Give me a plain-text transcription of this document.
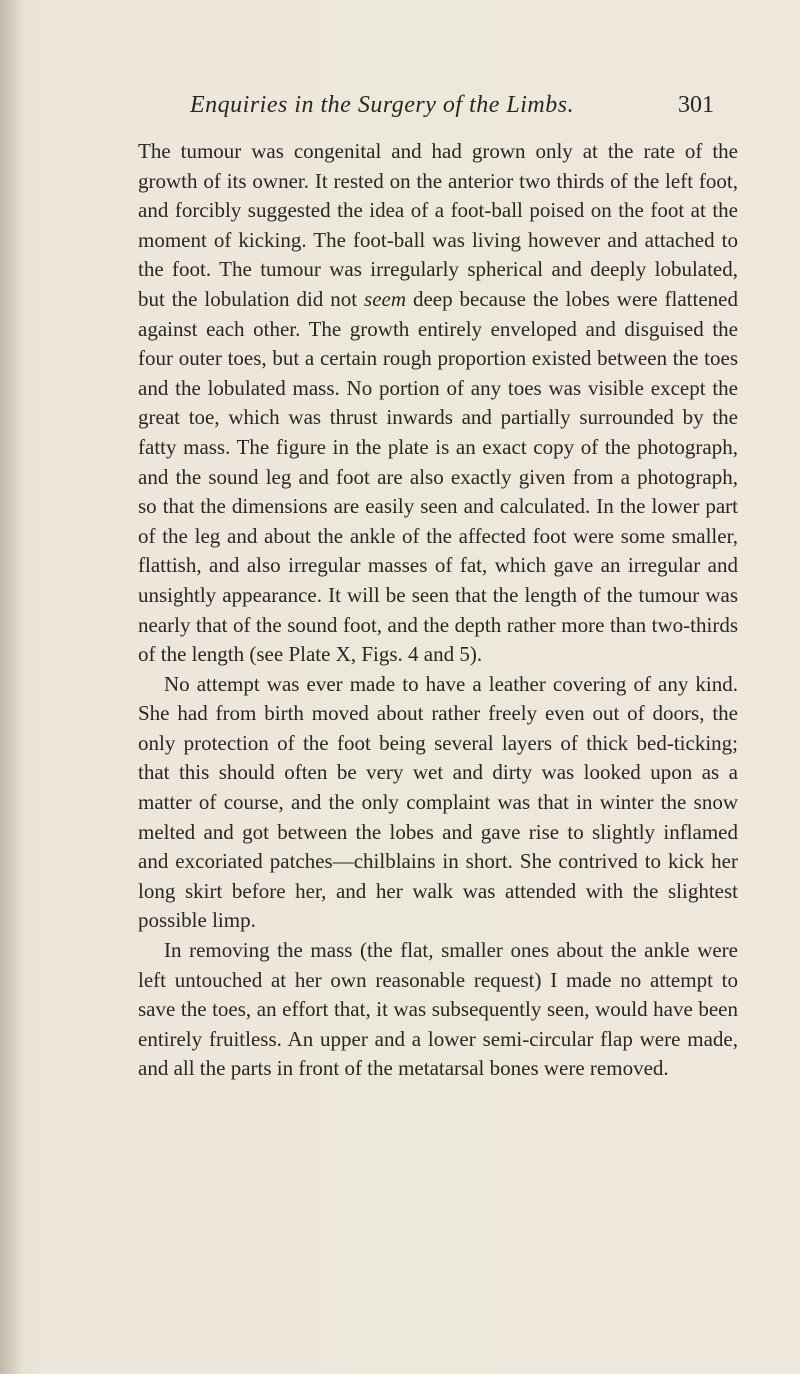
Enquiries in the Surgery of the Limbs.	301

The tumour was congenital and had grown only at the rate of the growth of its owner. It rested on the anterior two thirds of the left foot, and forcibly suggested the idea of a foot-ball poised on the foot at the moment of kicking. The foot-ball was living however and attached to the foot. The tumour was irregularly spherical and deeply lobulated, but the lobulation did not seem deep because the lobes were flattened against each other. The growth entirely enveloped and disguised the four outer toes, but a certain rough proportion existed between the toes and the lobulated mass. No portion of any toes was visible except the great toe, which was thrust inwards and partially surrounded by the fatty mass. The figure in the plate is an exact copy of the photograph, and the sound leg and foot are also exactly given from a photograph, so that the dimensions are easily seen and calculated. In the lower part of the leg and about the ankle of the affected foot were some smaller, flattish, and also irregular masses of fat, which gave an irregular and unsightly appearance. It will be seen that the length of the tumour was nearly that of the sound foot, and the depth rather more than two-thirds of the length (see Plate X, Figs. 4 and 5).

No attempt was ever made to have a leather covering of any kind. She had from birth moved about rather freely even out of doors, the only protection of the foot being several layers of thick bed-ticking; that this should often be very wet and dirty was looked upon as a matter of course, and the only complaint was that in winter the snow melted and got between the lobes and gave rise to slightly inflamed and excoriated patches—chilblains in short. She contrived to kick her long skirt before her, and her walk was attended with the slightest possible limp.

In removing the mass (the flat, smaller ones about the ankle were left untouched at her own reasonable request) I made no attempt to save the toes, an effort that, it was subsequently seen, would have been entirely fruitless. An upper and a lower semi-circular flap were made, and all the parts in front of the metatarsal bones were removed.
